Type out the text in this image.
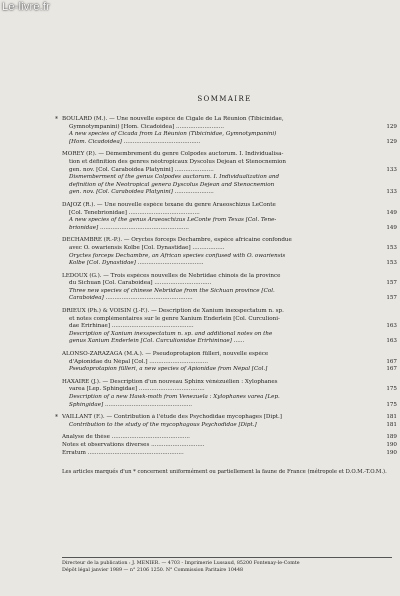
Le-livre.fr
SOMMAIRE
* BOULARD (M.). — Une nouvelle espèce de Cigale de La Réunion (Tibicinidae,
Gymnotympanini) [Hom. Cicadoidea] ...........................	129
A new species of Cicada from La Réunion (Tibicinidae, Gymnotympanini)
[Hom. Cicadoidea] ...........................................	129
MOREY (P.). — Démembrement du genre Colpodes auctorum. I. Individualisa-
tion et définition des genres néotropicaux Dyscolus Dejean et Stenocnemion
gen. nov. [Col. Caraboidea Platynini] ......................	133
Dismemberment of the genus Colpodes auctorum. I. Individualization and
definition of the Neotropical genera Dyscolus Dejean and Stenocnemion
gen. nov. [Col. Caraboidea Platynini] ......................	133
DAJOZ (R.). — Une nouvelle espèce texane du genre Araeoschizus LeConte
[Col. Tenebrionidae] ........................................	149
A new species of the genus Araeoschizus LeConte from Texas [Col. Tene-
brionidae] ..................................................	149
DECHAMBRE (R.-P.). — Oryctes forceps Dechambre, espèce africaine confondue
avec O. owariensis Kolbe [Col. Dynastidae] ..................	153
Oryctes forceps Dechambre, an African species confused with O. owariensis
Kolbe [Col. Dynastidae] .....................................	153
LEDOUX (G.). — Trois espèces nouvelles de Nebriidae chinois de la province
du Sichuan [Col. Caraboidea] ................................	157
Three new species of chinese Nebriidae from the Sichuan province [Col.
Caraboidea] .................................................	157
DRIEUX (Ph.) & VOISIN (J.-F.). — Description de Xanium inexspectatum n. sp.
et notes complémentaires sur le genre Xanium Enderlein [Col. Curculioni-
dae Erirhinae] ..............................................	163
Description of Xanium inexspectatum n. sp. and additional notes on the
genus Xanium Enderlein [Col. Curculionidae Erirhininae] ......	163
ALONSO-ZARAZAGA (M.A.). — Pseudoprotapion fülleri, nouvelle espèce
d'Apionidae du Népal [Col.] .................................	167
Pseudoprotapion fülleri, a new species of Apionidae from Népal [Col.]	167
HAXAIRE (J.). — Description d'un nouveau Sphinx vénézuélien : Xylophanes
varea [Lep. Sphingidae] .....................................	175
Description of a new Hawk-moth from Venezuela : Xylophanes varea [Lep.
Sphingidae] .................................................	175
* VAILLANT (F.). — Contribution à l'étude des Psychodidae mycophages [Dipt.]	181
Contribution to the study of the mycophagous Psychodidae [Dipt.]	181
Analyse de thèse ............................................	189
Notes et observations diverses ..............................	190
Erratum ......................................................	190
Les articles marqués d'un * concernent uniformément ou partiellement la faune de France (métropole et D.O.M.-T.O.M.).
Directeur de la publication : J. MENIER. — 4703 - Imprimerie Lussaud, 85200 Fontenay-le-Comte
Dépôt légal janvier 1989 — n° 2106 1250. N° Commission Paritaire 10448
